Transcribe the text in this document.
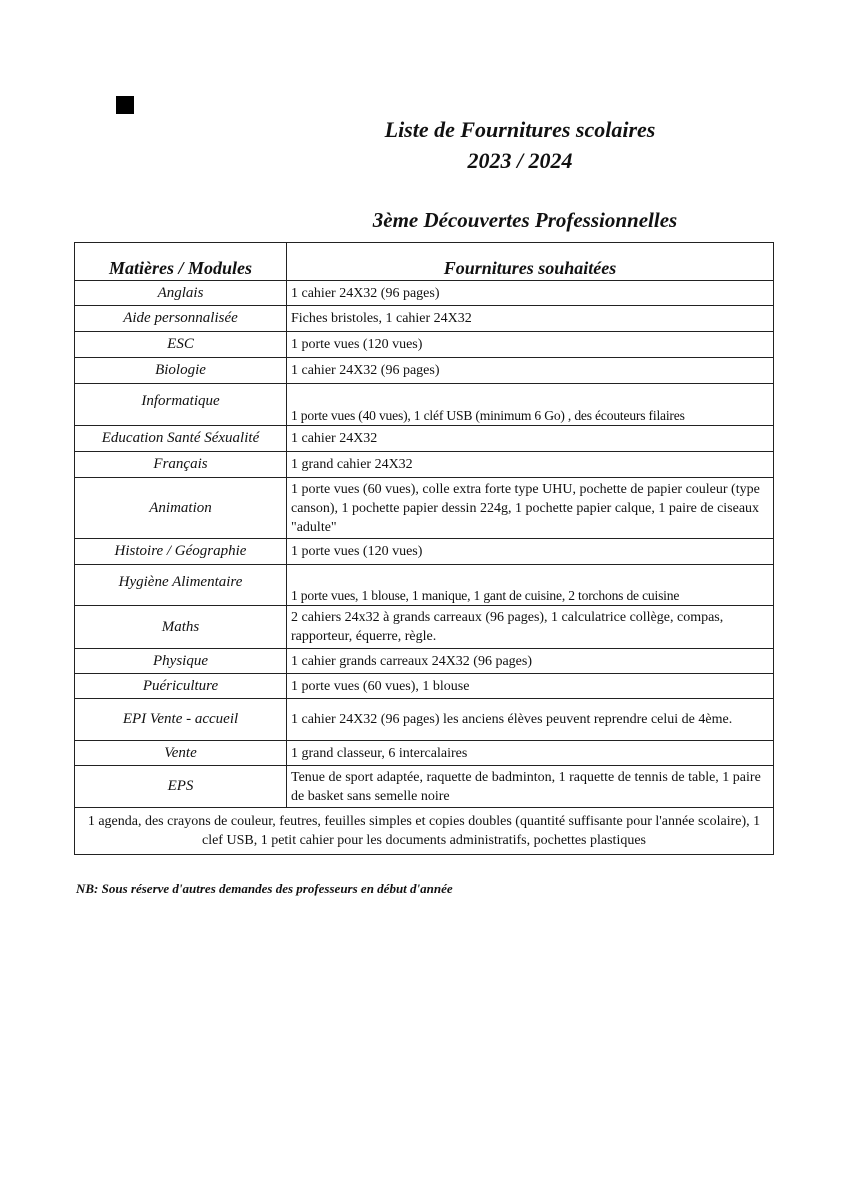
Liste de Fournitures scolaires
2023 / 2024
3ème Découvertes Professionnelles
Matières / Modules	Fournitures souhaitées
Anglais	1 cahier 24X32 (96 pages)
Aide personnalisée	Fiches bristoles, 1 cahier 24X32
ESC	1 porte vues (120 vues)
Biologie	1 cahier 24X32 (96 pages)
Informatique	1 porte vues (40 vues), 1 cléf USB (minimum 6 Go) , des écouteurs filaires
Education Santé Séxualité	1 cahier 24X32
Français	1 grand cahier 24X32
Animation	1 porte vues (60 vues), colle extra forte type UHU, pochette de papier couleur (type canson), 1 pochette papier dessin 224g, 1 pochette papier calque, 1 paire de ciseaux "adulte"
Histoire / Géographie	1 porte vues (120 vues)
Hygiène Alimentaire	1 porte vues, 1 blouse, 1 manique, 1 gant de cuisine, 2 torchons de cuisine
Maths	2 cahiers 24x32 à grands carreaux (96 pages), 1 calculatrice collège, compas, rapporteur, équerre, règle.
Physique	1 cahier grands carreaux 24X32 (96 pages)
Puériculture	1 porte vues (60 vues), 1 blouse
EPI Vente - accueil	1 cahier 24X32 (96 pages) les anciens élèves peuvent reprendre celui de 4ème.
Vente	1 grand classeur, 6 intercalaires
EPS	Tenue de sport adaptée, raquette de badminton, 1 raquette de tennis de table, 1 paire de basket sans semelle noire
1 agenda, des crayons de couleur, feutres, feuilles simples et copies doubles (quantité suffisante pour l'année scolaire), 1 clef USB, 1 petit cahier pour les documents administratifs, pochettes plastiques	

NB: Sous réserve d'autres demandes des professeurs en début d'année
